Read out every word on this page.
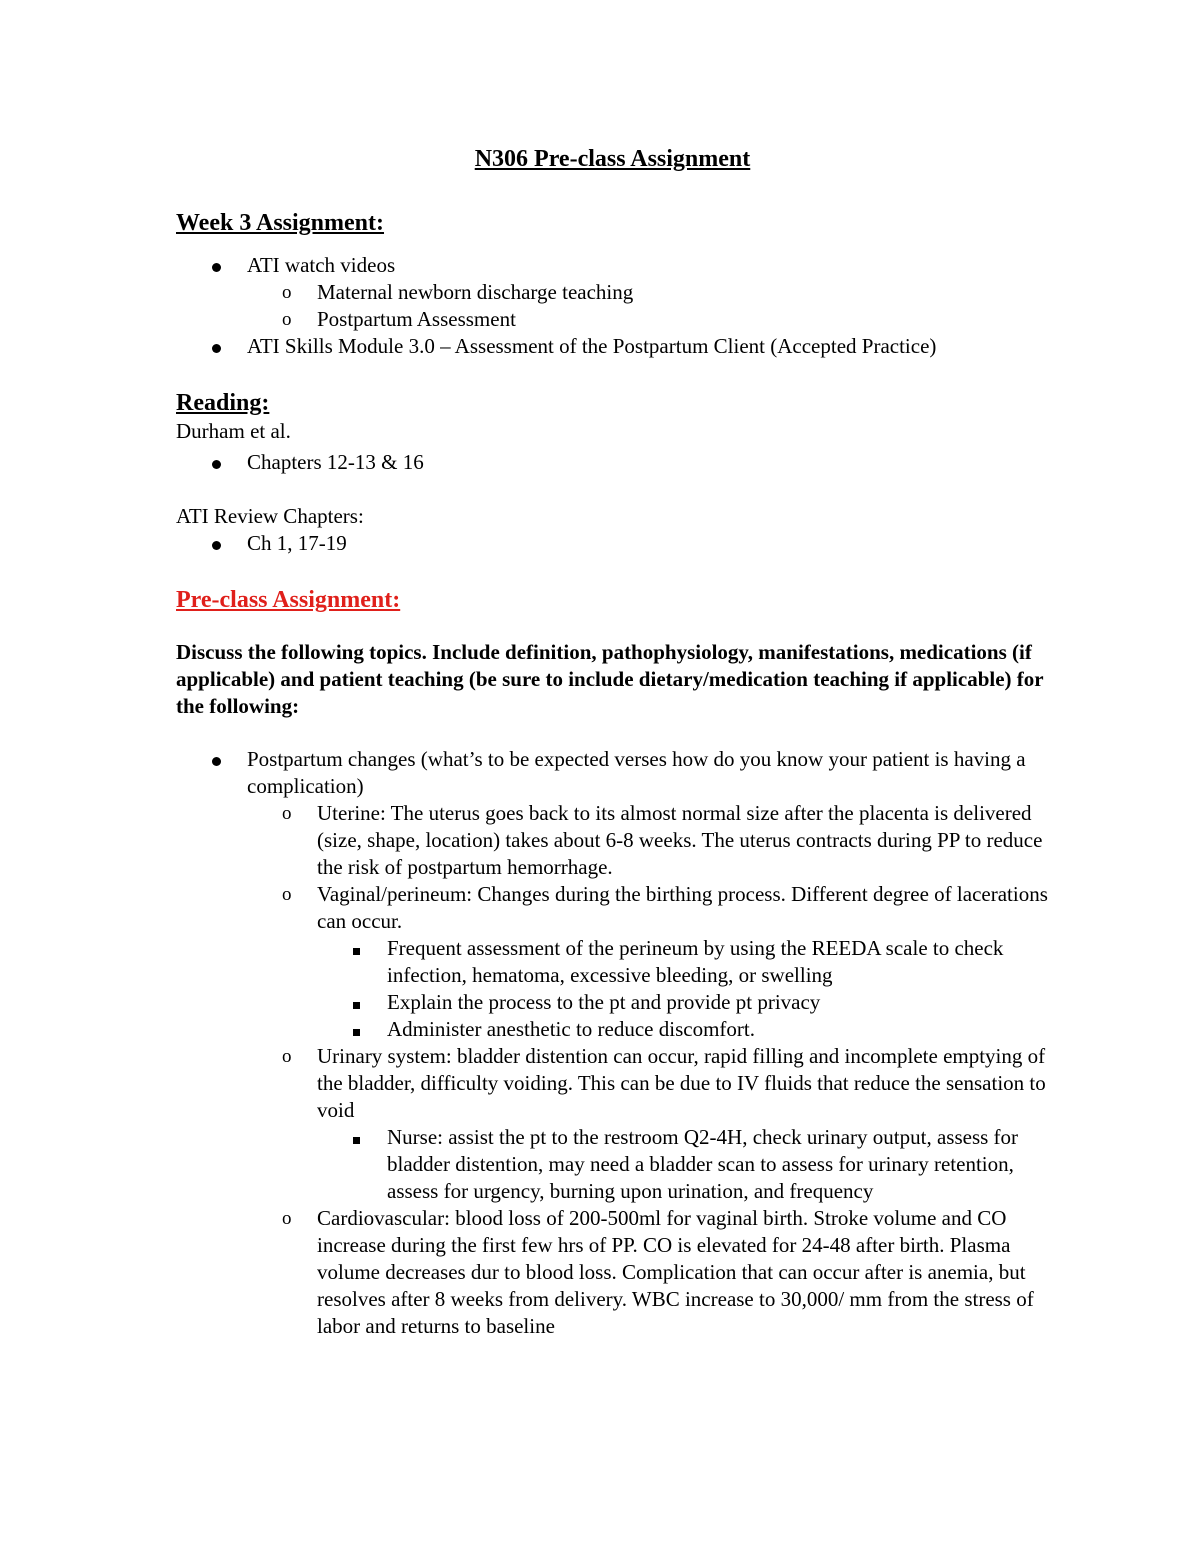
N306 Pre-class Assignment
Week 3 Assignment:
ATI watch videos
o	Maternal newborn discharge teaching
o	Postpartum Assessment
ATI Skills Module 3.0 – Assessment of the Postpartum Client (Accepted Practice)
Reading:

Durham et al.

Chapters 12-13 & 16

ATI Review Chapters:

Ch 1, 17-19
Pre-class Assignment:

Discuss the following topics. Include definition, pathophysiology, manifestations, medications (if applicable) and patient teaching (be sure to include dietary/medication teaching if applicable) for the following:

Postpartum changes (what’s to be expected verses how do you know your patient is having a complication)
o	Uterine: The uterus goes back to its almost normal size after the placenta is delivered (size, shape, location) takes about 6-8 weeks. The uterus contracts during PP to reduce the risk of postpartum hemorrhage.
o	Vaginal/perineum: Changes during the birthing process. Different degree of lacerations can occur.
Frequent assessment of the perineum by using the REEDA scale to check infection, hematoma, excessive bleeding, or swelling
Explain the process to the pt and provide pt privacy
Administer anesthetic to reduce discomfort.
o	Urinary system: bladder distention can occur, rapid filling and incomplete emptying of the bladder, difficulty voiding. This can be due to IV fluids that reduce the sensation to void
Nurse: assist the pt to the restroom Q2-4H, check urinary output, assess for bladder distention, may need a bladder scan to assess for urinary retention, assess for urgency, burning upon urination, and frequency
o	Cardiovascular: blood loss of 200-500ml for vaginal birth. Stroke volume and CO increase during the first few hrs of PP. CO is elevated for 24-48 after birth. Plasma volume decreases dur to blood loss. Complication that can occur after is anemia, but resolves after 8 weeks from delivery. WBC increase to 30,000/ mm from the stress of labor and returns to baseline
